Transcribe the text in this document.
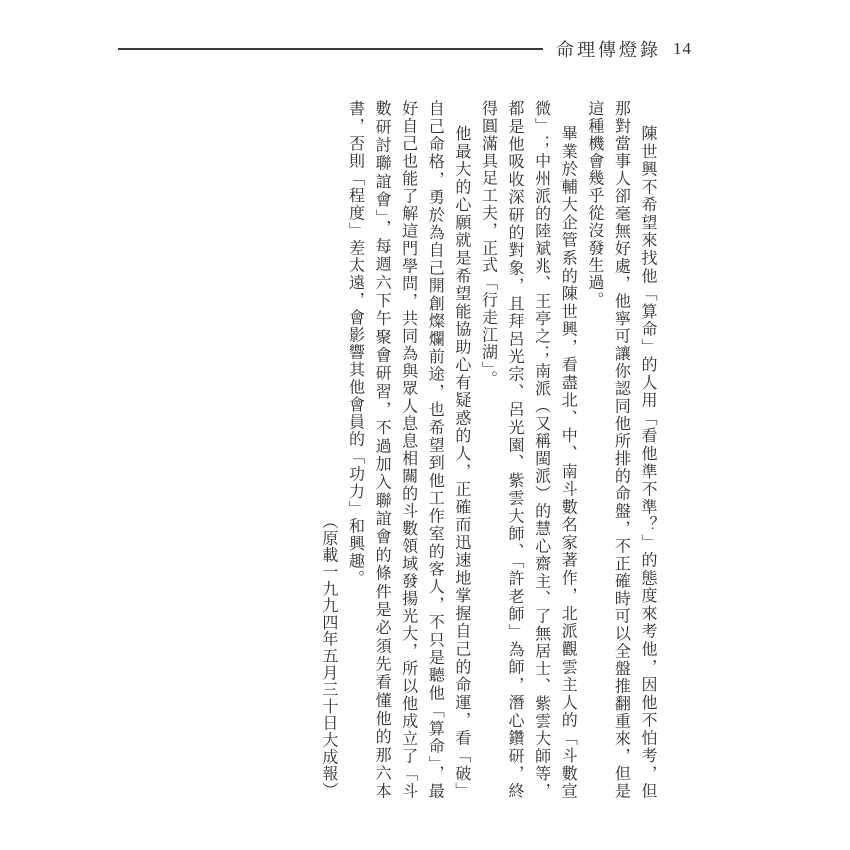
命理傳燈錄 14

陳世興不希望來找他「算命」的人用「看他準不準？」的態度來考他，因他不怕考，但那對當事人卻毫無好處，他寧可讓你認同他所排的命盤，不正確時可以全盤推翻重來，但是這種機會幾乎從沒發生過。

畢業於輔大企管系的陳世興，看盡北、中、南斗數名家著作，北派觀雲主人的「斗數宣微」；中州派的陸斌兆、王亭之；南派（又稱閩派）的慧心齋主、了無居士、紫雲大師等，都是他吸收深研的對象，且拜呂光宗、呂光園、紫雲大師、「許老師」為師，潛心鑽研，終得圓滿具足工夫，正式「行走江湖」。

他最大的心願就是希望能協助心有疑惑的人，正確而迅速地掌握自己的命運，看「破」自己命格，勇於為自己開創燦爛前途，也希望到他工作室的客人，不只是聽他「算命」，最好自己也能了解這門學問，共同為與眾人息息相關的斗數領域發揚光大，所以他成立了「斗數研討聯誼會」，每週六下午聚會研習，不過加入聯誼會的條件是必須先看懂他的那六本書，否則「程度」差太遠，會影響其他會員的「功力」和興趣。

（原載一九九四年五月三十日大成報）
